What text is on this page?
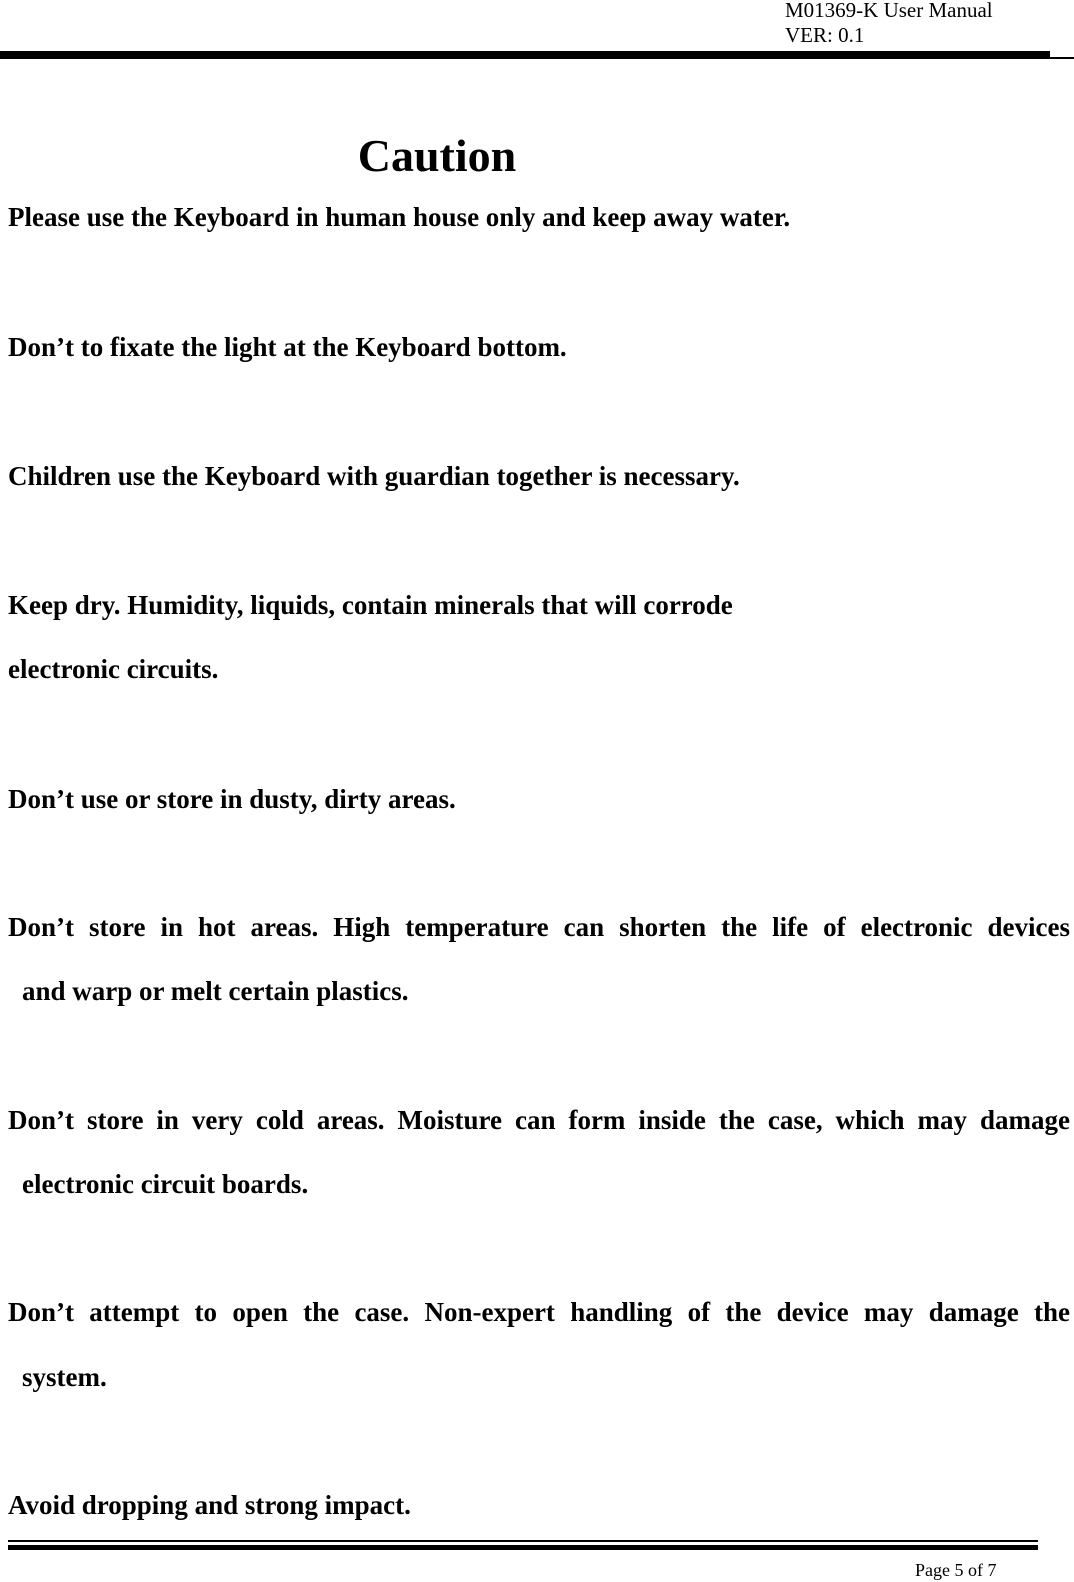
M01369-K User Manual
VER: 0.1
Caution

Please use the Keyboard in human house only and keep away water.

Don’t to fixate the light at the Keyboard bottom.

Children use the Keyboard with guardian together is necessary.

Keep dry. Humidity, liquids, contain minerals that will corrode

electronic circuits.

Don’t use or store in dusty, dirty areas.

Don’t store in hot areas. High temperature can shorten the life of electronic devices

and warp or melt certain plastics.

Don’t store in very cold areas. Moisture can form inside the case, which may damage

electronic circuit boards.

Don’t attempt to open the case. Non-expert handling of the device may damage the

system.

Avoid dropping and strong impact.

Page 5 of 7
